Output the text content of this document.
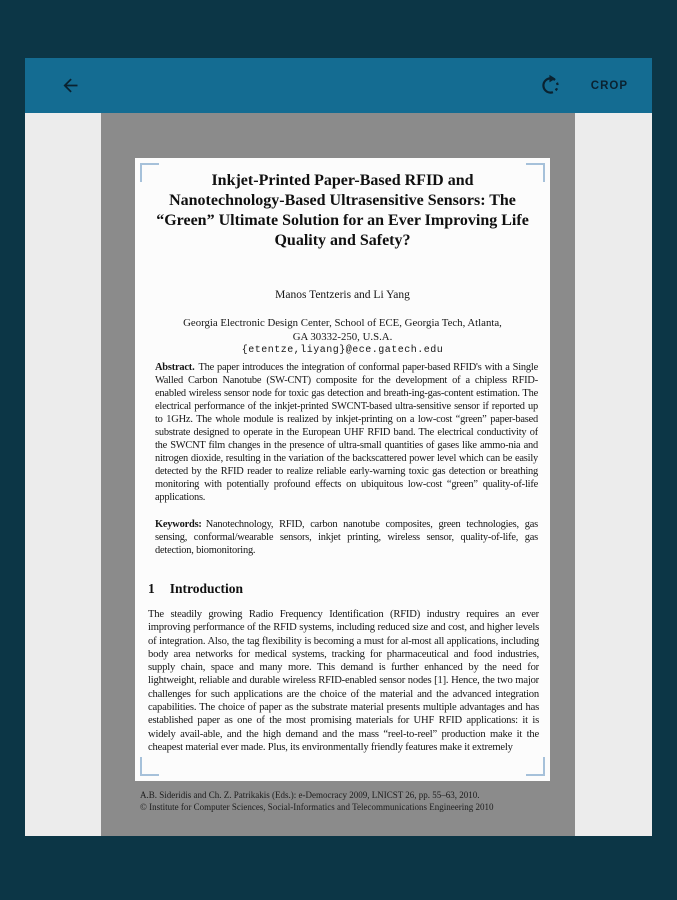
CROP
Inkjet-Printed Paper-Based RFID and
Nanotechnology-Based Ultrasensitive Sensors: The
“Green” Ultimate Solution for an Ever Improving Life
Quality and Safety?
Manos Tentzeris and Li Yang
Georgia Electronic Design Center, School of ECE, Georgia Tech, Atlanta,
GA 30332-250, U.S.A.
{etentze,liyang}@ece.gatech.edu
Abstract. The paper introduces the integration of conformal paper-based RFID's with a Single Walled Carbon Nanotube (SW-CNT) composite for the development of a chipless RFID-enabled wireless sensor node for toxic gas detection and breath-ing-gas-content estimation. The electrical performance of the inkjet-printed SWCNT-based ultra-sensitive sensor if reported up to 1GHz. The whole module is realized by inkjet-printing on a low-cost “green” paper-based substrate designed to operate in the European UHF RFID band. The electrical conductivity of the SWCNT film changes in the presence of ultra-small quantities of gases like ammo-nia and nitrogen dioxide, resulting in the variation of the backscattered power level which can be easily detected by the RFID reader to realize reliable early-warning toxic gas detection or breathing monitoring with potentially profound effects on ubiquitous low-cost “green” quality-of-life applications.
Keywords: Nanotechnology, RFID, carbon nanotube composites, green technologies, gas sensing, conformal/wearable sensors, inkjet printing, wireless sensor, quality-of-life, gas detection, biomonitoring.
1 Introduction
The steadily growing Radio Frequency Identification (RFID) industry requires an ever improving performance of the RFID systems, including reduced size and cost, and higher levels of integration. Also, the tag flexibility is becoming a must for al-most all applications, including body area networks for medical systems, tracking for pharmaceutical and food industries, supply chain, space and many more. This demand is further enhanced by the need for lightweight, reliable and durable wireless RFID-enabled sensor nodes [1]. Hence, the two major challenges for such applications are the choice of the material and the advanced integration capabilities. The choice of paper as the substrate material presents multiple advantages and has established paper as one of the most promising materials for UHF RFID applications: it is widely avail-able, and the high demand and the mass “reel-to-reel” production make it the cheapest material ever made. Plus, its environmentally friendly features make it extremely
A.B. Sideridis and Ch. Z. Patrikakis (Eds.): e-Democracy 2009, LNICST 26, pp. 55–63, 2010.
© Institute for Computer Sciences, Social-Informatics and Telecommunications Engineering 2010
